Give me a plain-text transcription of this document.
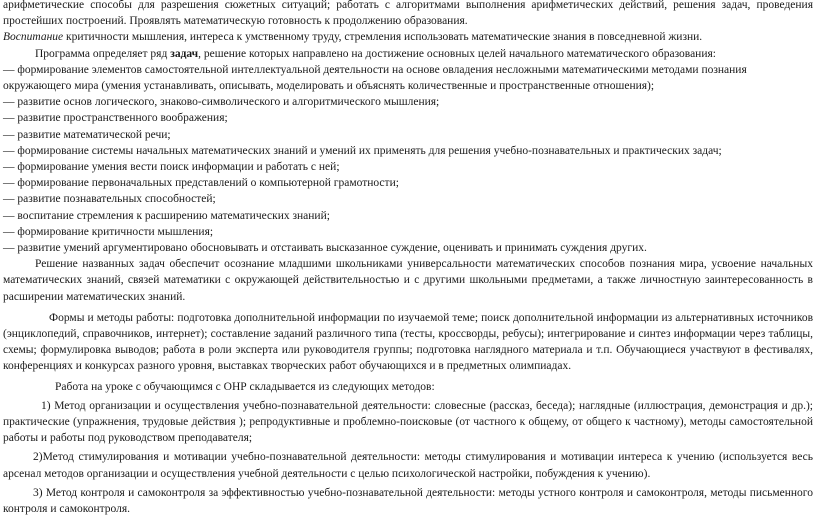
арифметические способы для разрешения сюжетных ситуаций; работать с алгоритмами выполнения арифметических действий, решения задач, проведения простейших построений. Проявлять математическую готовность к продолжению образования.

Воспитание критичности мышления, интереса к умственному труду, стремления использовать математические знания в повседневной жизни.

Программа определяет ряд задач, решение которых направлено на достижение основных целей начального математического образования:

— формирование элементов самостоятельной интеллектуальной деятельности на основе овладения несложными математическими методами познания окружающего мира (умения устанавливать, описывать, моделировать и объяснять количественные и пространственные отношения);

— развитие основ логического, знаково-символического и алгоритмического мышления;

— развитие пространственного воображения;

— развитие математической речи;

— формирование системы начальных математических знаний и умений их применять для решения учебно-познавательных и практических задач;

— формирование умения вести поиск информации и работать с ней;

— формирование первоначальных представлений о компьютерной грамотности;

— развитие познавательных способностей;

— воспитание стремления к расширению математических знаний;

— формирование критичности мышления;

— развитие умений аргументировано обосновывать и отстаивать высказанное суждение, оценивать и принимать суждения других.

Решение названных задач обеспечит осознание младшими школьниками универсальности математических способов познания мира, усвоение начальных математических знаний, связей математики с окружающей действительностью и с другими школьными предметами, а также личностную заинтересованность в расширении математических знаний.

Формы и методы работы: подготовка дополнительной информации по изучаемой теме; поиск дополнительной информации из альтернативных источников (энциклопедий, справочников, интернет); составление заданий различного типа (тесты, кроссворды, ребусы); интегрирование и синтез информации через таблицы, схемы; формулировка выводов; работа в роли эксперта или руководителя группы; подготовка наглядного материала и т.п. Обучающиеся участвуют в фестивалях, конференциях и конкурсах разного уровня, выставках творческих работ обучающихся и в предметных олимпиадах.

Работа на уроке с обучающимся с ОНР складывается из следующих методов:

1) Метод организации и осуществления учебно-познавательной деятельности: словесные (рассказ, беседа); наглядные (иллюстрация, демонстрация и др.); практические (упражнения, трудовые действия ); репродуктивные и проблемно-поисковые (от частного к общему, от общего к частному), методы самостоятельной работы и работы под руководством преподавателя;

2)Метод стимулирования и мотивации учебно-познавательной деятельности: методы стимулирования и мотивации интереса к учению (используется весь арсенал методов организации и осуществления учебной деятельности с целью психологической настройки, побуждения к учению).

3) Метод контроля и самоконтроля за эффективностью учебно-познавательной деятельности: методы устного контроля и самоконтроля, методы письменного контроля и самоконтроля.
